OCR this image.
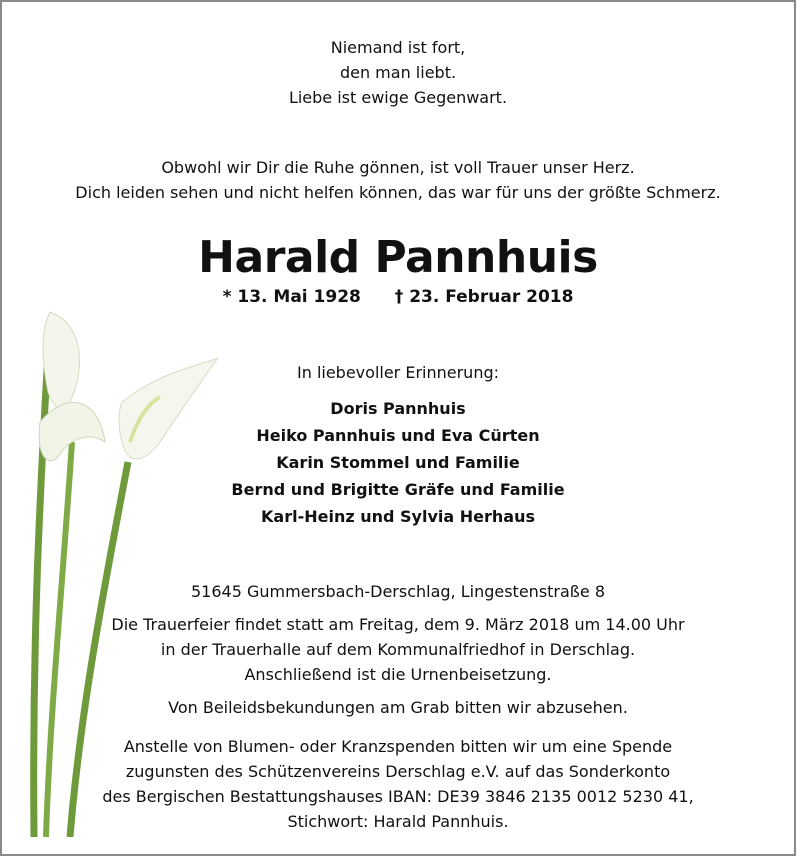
Niemand ist fort,
den man liebt.
Liebe ist ewige Gegenwart.
Obwohl wir Dir die Ruhe gönnen, ist voll Trauer unser Herz.
Dich leiden sehen und nicht helfen können, das war für uns der größte Schmerz.
Harald Pannhuis
* 13. Mai 1928 † 23. Februar 2018
In liebevoller Erinnerung:
Doris Pannhuis
Heiko Pannhuis und Eva Cürten
Karin Stommel und Familie
Bernd und Brigitte Gräfe und Familie
Karl-Heinz und Sylvia Herhaus
51645 Gummersbach-Derschlag, Lingestenstraße 8
Die Trauerfeier findet statt am Freitag, dem 9. März 2018 um 14.00 Uhr
in der Trauerhalle auf dem Kommunalfriedhof in Derschlag.
Anschließend ist die Urnenbeisetzung.
Von Beileidsbekundungen am Grab bitten wir abzusehen.
Anstelle von Blumen- oder Kranzspenden bitten wir um eine Spende
zugunsten des Schützenvereins Derschlag e.V. auf das Sonderkonto
des Bergischen Bestattungshauses IBAN: DE39 3846 2135 0012 5230 41,
Stichwort: Harald Pannhuis.
